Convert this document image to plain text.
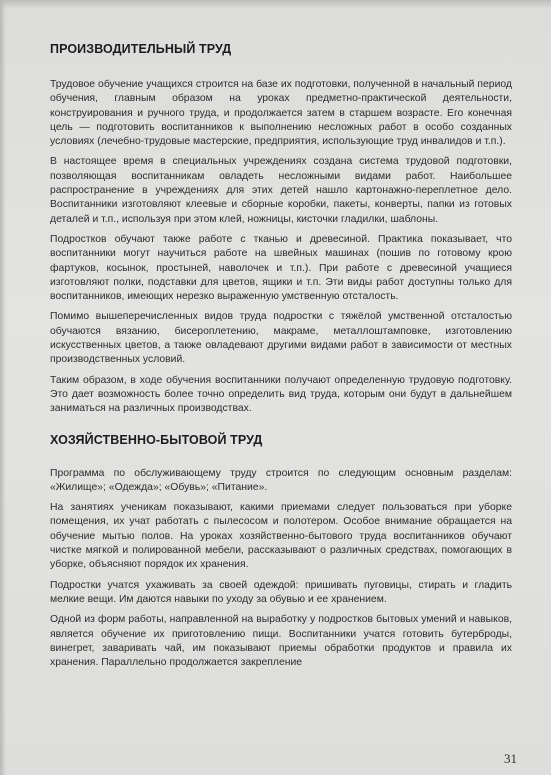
ПРОИЗВОДИТЕЛЬНЫЙ ТРУД

Трудовое обучение учащихся строится на базе их подготовки, полученной в начальный период обучения, главным образом на уроках предметно-практической деятельности, конструирования и ручного труда, и продолжается затем в старшем возрасте. Его конечная цель — подготовить воспитанников к выполнению несложных работ в особо созданных условиях (лечебно-трудовые мастерские, предприятия, использующие труд инвалидов и т.п.).

В настоящее время в специальных учреждениях создана система трудовой подготовки, позволяющая воспитанникам овладеть несложными видами работ. Наибольшее распространение в учреждениях для этих детей нашло картонажно-переплетное дело. Воспитанники изготовляют клеевые и сборные коробки, пакеты, конверты, папки из готовых деталей и т.п., используя при этом клей, ножницы, кисточки гладилки, шаблоны.

Подростков обучают также работе с тканью и древесиной. Практика показывает, что воспитанники могут научиться работе на швейных машинах (пошив по готовому крою фартуков, косынок, простыней, наволочек и т.п.). При работе с древесиной учащиеся изготовляют полки, подставки для цветов, ящики и т.п. Эти виды работ доступны только для воспитанников, имеющих нерезко выраженную умственную отсталость.

Помимо вышеперечисленных видов труда подростки с тяжёлой умственной отсталостью обучаются вязанию, бисероплетению, макраме, металлоштамповке, изготовлению искусственных цветов, а также овладевают другими видами работ в зависимости от местных производственных условий.

Таким образом, в ходе обучения воспитанники получают определенную трудовую подготовку. Это дает возможность более точно определить вид труда, которым они будут в дальнейшем заниматься на различных производствах.

ХОЗЯЙСТВЕННО-БЫТОВОЙ ТРУД

Программа по обслуживающему труду строится по следующим основным разделам: «Жилище»; «Одежда»; «Обувь»; «Питание».

На занятиях ученикам показывают, какими приемами следует пользоваться при уборке помещения, их учат работать с пылесосом и полотером. Особое внимание обращается на обучение мытью полов. На уроках хозяйственно-бытового труда воспитанников обучают чистке мягкой и полированной мебели, рассказывают о различных средствах, помогающих в уборке, объясняют порядок их хранения.

Подростки учатся ухаживать за своей одеждой: пришивать пуговицы, стирать и гладить мелкие вещи. Им даются навыки по уходу за обувью и ее хранением.

Одной из форм работы, направленной на выработку у подростков бытовых умений и навыков, является обучение их приготовлению пищи. Воспитанники учатся готовить бутерброды, винегрет, заваривать чай, им показывают приемы обработки продуктов и правила их хранения. Параллельно продолжается закрепление

31
